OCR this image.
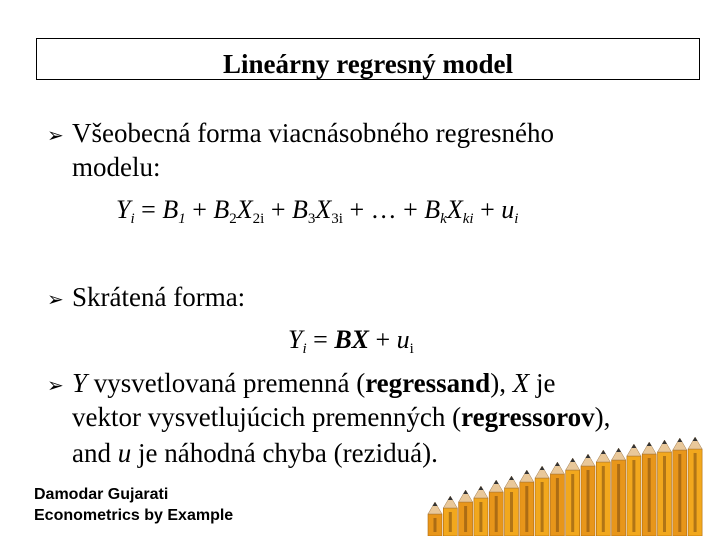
Lineárny regresný model
➢ Všeobecná forma viacnásobného regresného
modelu:
$Y_i = B_1 + B_2X_{2i} + B_3X_{3i}$ + … + $B_kX_{ki} + u_i$
➢ Skrátená forma:
$Y_i$ = BX + $u_i$
➢ Y vysvetlovaná premenná (regressand), X je
vektor vysvetlujúcich premenných (regressorov),
and u je náhodná chyba (reziduá).
Damodar Gujarati
Econometrics by Example
